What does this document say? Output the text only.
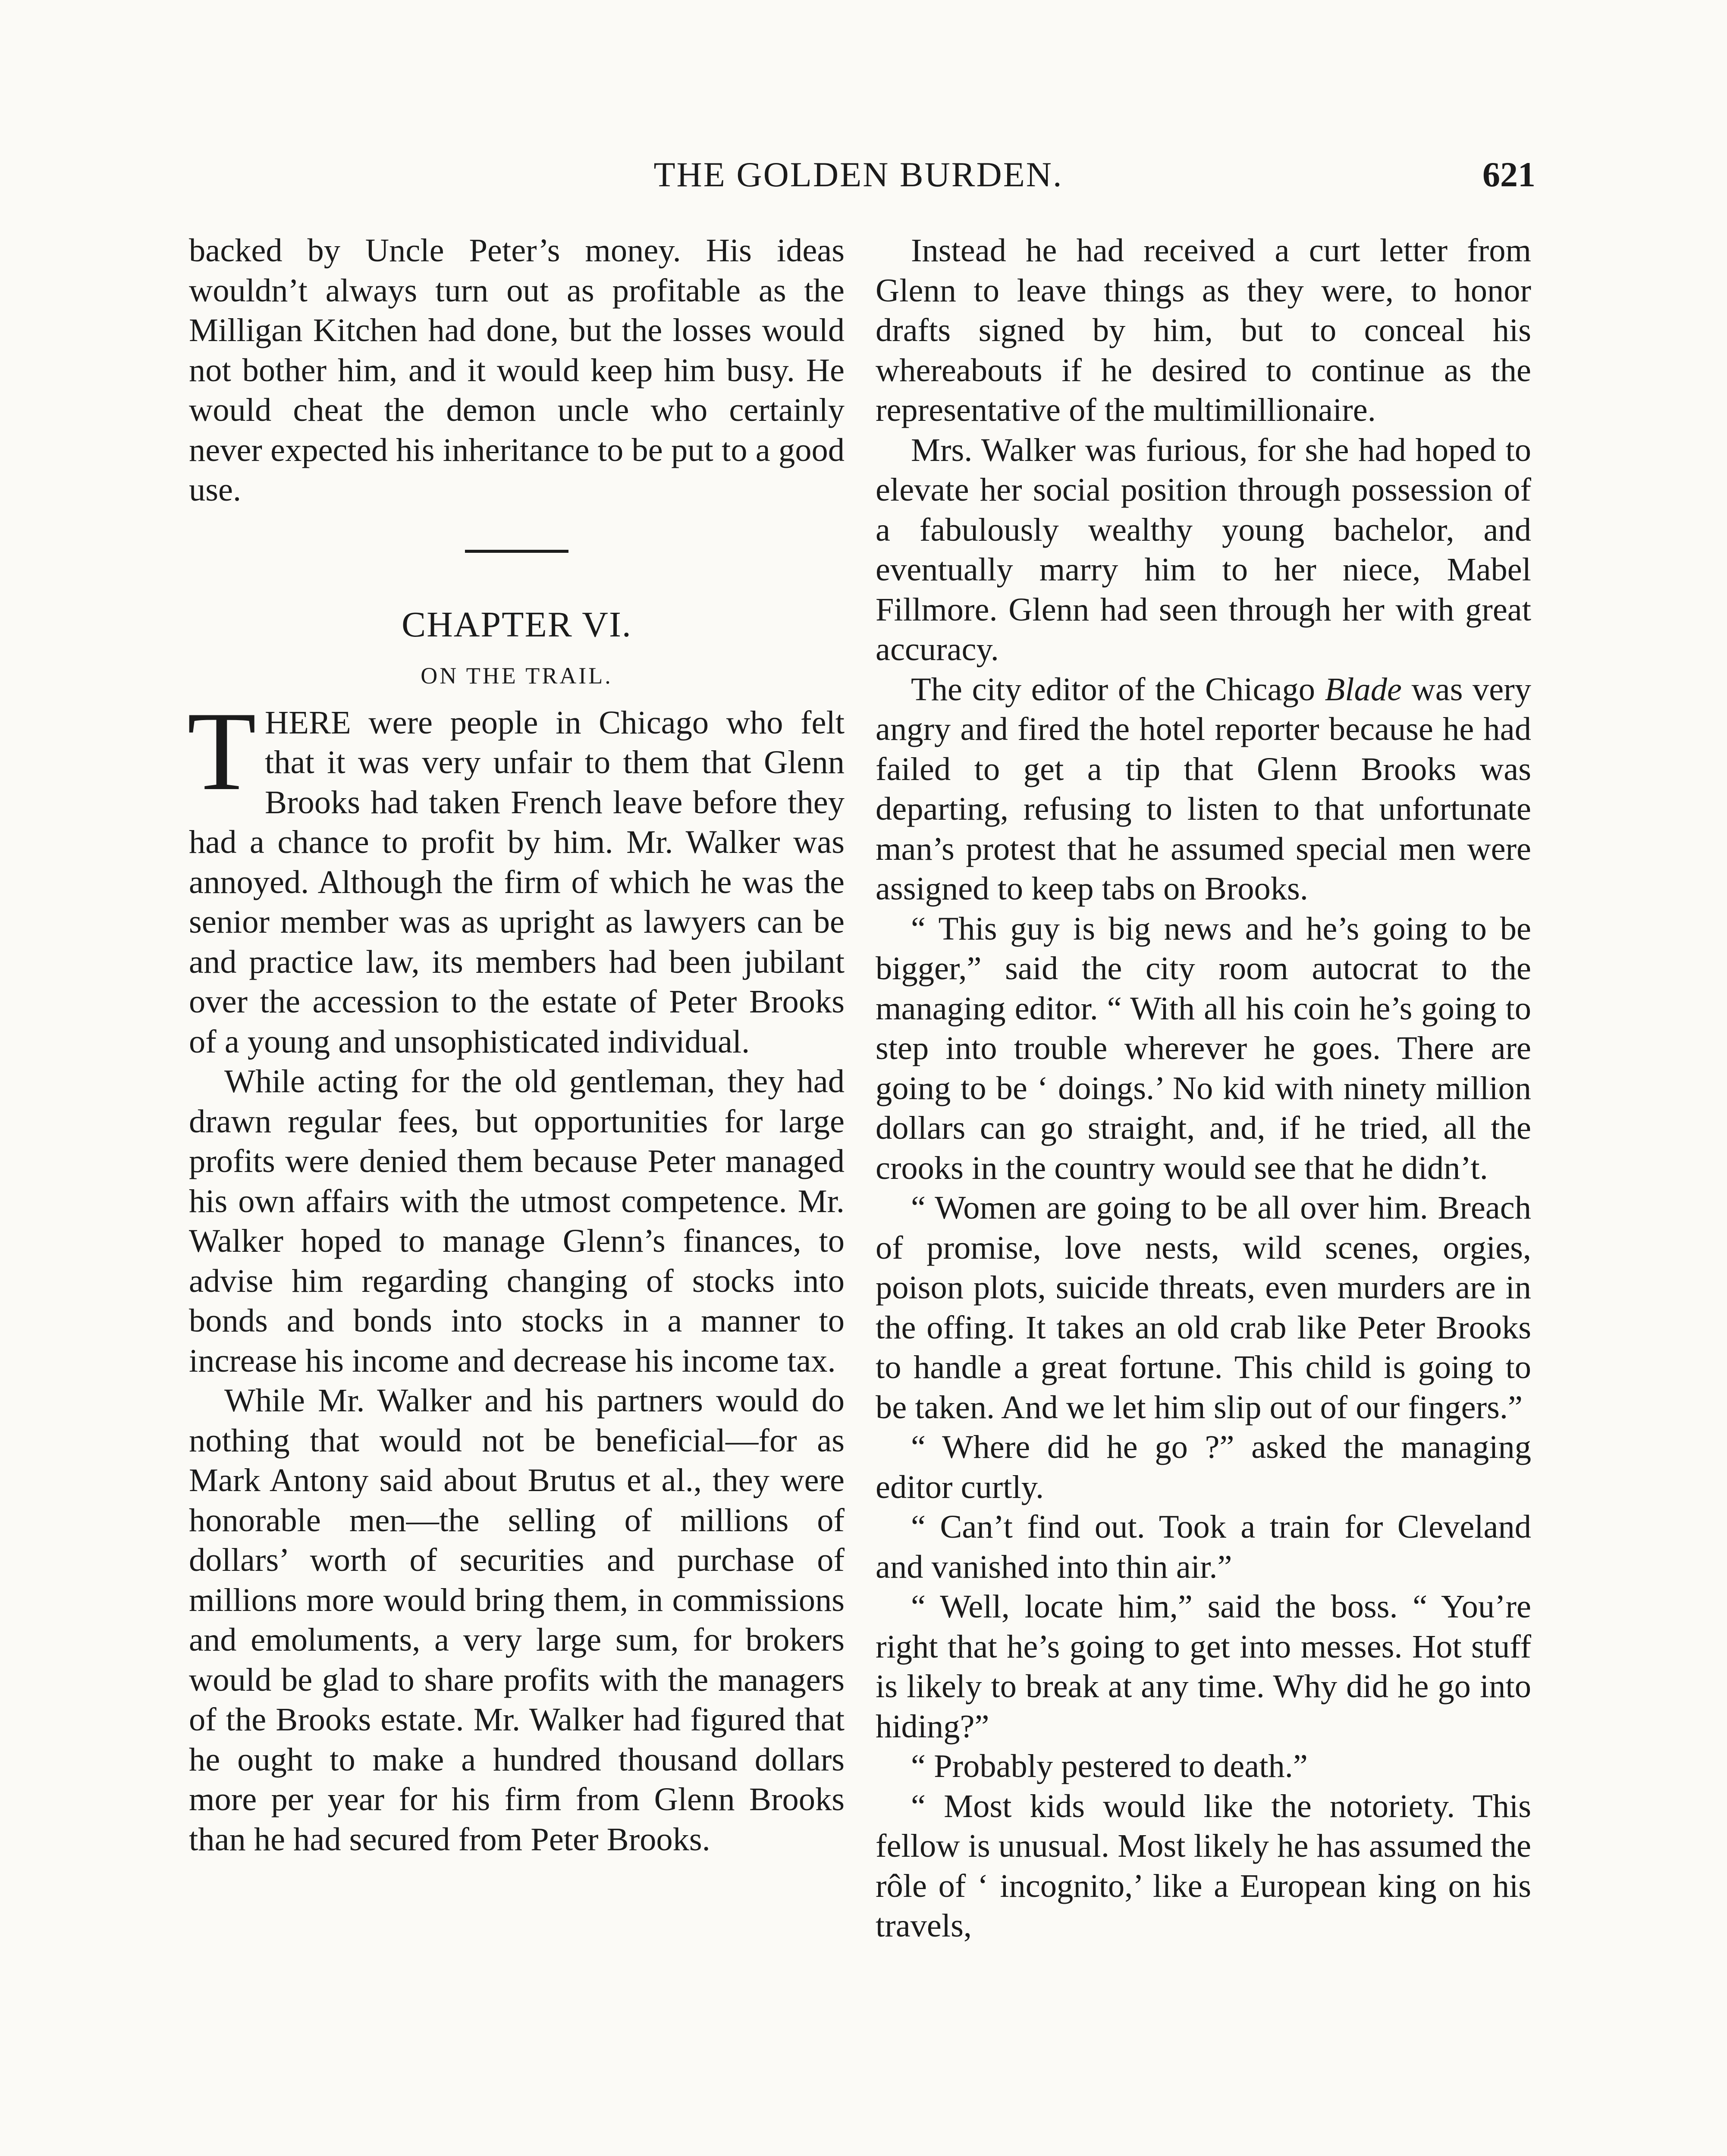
THE GOLDEN BURDEN.	621

backed by Uncle Peter’s money. His ideas wouldn’t always turn out as profitable as the Milligan Kitchen had done, but the losses would not bother him, and it would keep him busy. He would cheat the demon uncle who certainly never expected his inheritance to be put to a good use.

CHAPTER VI.
ON THE TRAIL.

THERE were people in Chicago who felt that it was very unfair to them that Glenn Brooks had taken French leave before they had a chance to profit by him. Mr. Walker was annoyed. Although the firm of which he was the senior member was as upright as lawyers can be and practice law, its members had been jubilant over the accession to the estate of Peter Brooks of a young and unsophisticated individual.

While acting for the old gentleman, they had drawn regular fees, but opportunities for large profits were denied them because Peter managed his own affairs with the utmost competence. Mr. Walker hoped to manage Glenn’s finances, to advise him regarding changing of stocks into bonds and bonds into stocks in a manner to increase his income and decrease his income tax.

While Mr. Walker and his partners would do nothing that would not be beneficial—for as Mark Antony said about Brutus et al., they were honorable men—the selling of millions of dollars’ worth of securities and purchase of millions more would bring them, in commissions and emoluments, a very large sum, for brokers would be glad to share profits with the managers of the Brooks estate. Mr. Walker had figured that he ought to make a hundred thousand dollars more per year for his firm from Glenn Brooks than he had secured from Peter Brooks.

Instead he had received a curt letter from Glenn to leave things as they were, to honor drafts signed by him, but to conceal his whereabouts if he desired to continue as the representative of the multimillionaire.

Mrs. Walker was furious, for she had hoped to elevate her social position through possession of a fabulously wealthy young bachelor, and eventually marry him to her niece, Mabel Fillmore. Glenn had seen through her with great accuracy.

The city editor of the Chicago Blade was very angry and fired the hotel reporter because he had failed to get a tip that Glenn Brooks was departing, refusing to listen to that unfortunate man’s protest that he assumed special men were assigned to keep tabs on Brooks.

“ This guy is big news and he’s going to be bigger,” said the city room autocrat to the managing editor. “ With all his coin he’s going to step into trouble wherever he goes. There are going to be ‘ doings.’ No kid with ninety million dollars can go straight, and, if he tried, all the crooks in the country would see that he didn’t.

“ Women are going to be all over him. Breach of promise, love nests, wild scenes, orgies, poison plots, suicide threats, even murders are in the offing. It takes an old crab like Peter Brooks to handle a great fortune. This child is going to be taken. And we let him slip out of our fingers.”

“ Where did he go ?” asked the managing editor curtly.

“ Can’t find out. Took a train for Cleveland and vanished into thin air.”

“ Well, locate him,” said the boss. “ You’re right that he’s going to get into messes. Hot stuff is likely to break at any time. Why did he go into hiding?”

“ Probably pestered to death.”

“ Most kids would like the notoriety. This fellow is unusual. Most likely he has assumed the rôle of ‘ incognito,’ like a European king on his travels,
